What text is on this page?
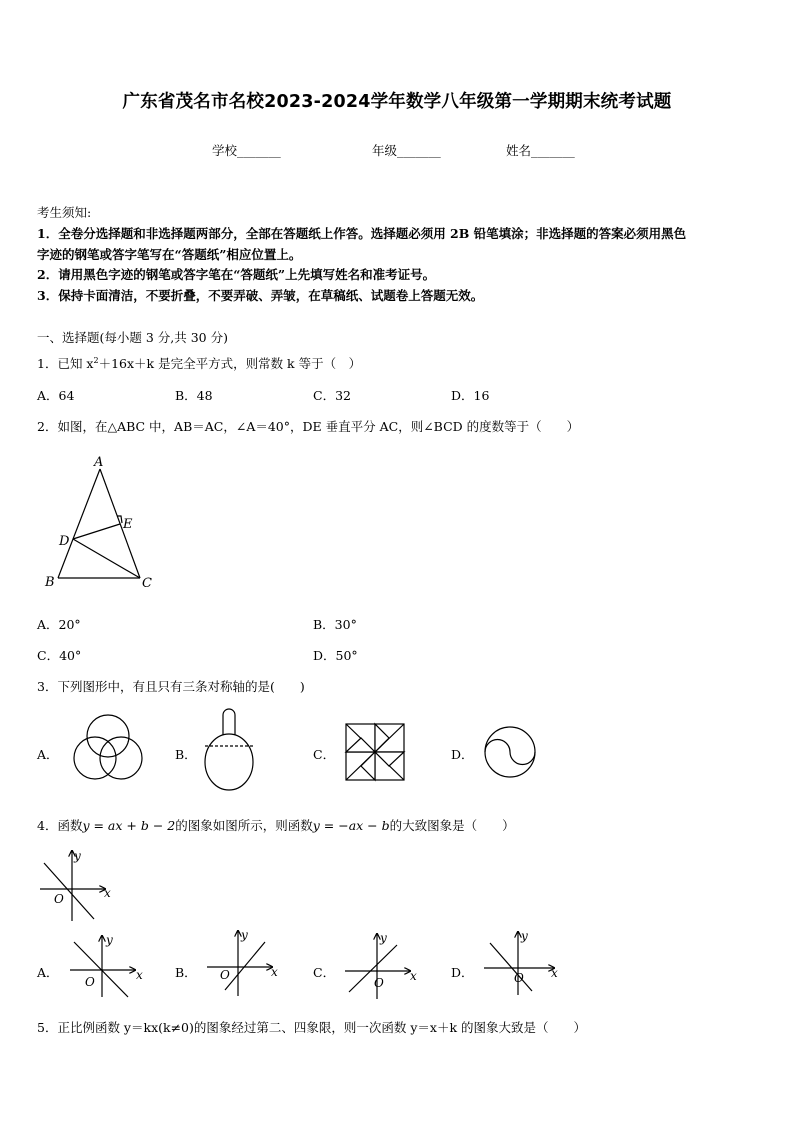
广东省茂名市名校2023-2024学年数学八年级第一学期期末统考试题
学校_______	年级_______	姓名_______
考生须知:
1．全卷分选择题和非选择题两部分，全部在答题纸上作答。选择题必须用 2B 铅笔填涂；非选择题的答案必须用黑色
字迹的钢笔或答字笔写在“答题纸”相应位置上。
2．请用黑色字迹的钢笔或答字笔在“答题纸”上先填写姓名和准考证号。
3．保持卡面清洁，不要折叠，不要弄破、弄皱，在草稿纸、试题卷上答题无效。
一、选择题(每小题 3 分,共 30 分)
1．已知 $x^2+16x+k$ 是完全平方式，则常数 k 等于（　）
A．64	B．48	C．32	D．16
2．如图，在△ABC 中，AB＝AC，∠A＝40°，DE 垂直平分 AC，则∠BCD 的度数等于（　　）
A
D
E
B	C
A．20°	B．30°
C．40°	D．50°
3．下列图形中，有且只有三条对称轴的是(　　)
A．	B．	C．	D．
4．函数y = ax + b − 2的图象如图所示，则函数y = −ax − b的大致图象是（　　）
y
x
O
A．
y
x
O
B．
y
x
O	C．
y
x
O
D．
y
x
O
5．正比例函数 y＝kx(k≠0)的图象经过第二、四象限，则一次函数 y＝x＋k 的图象大致是（　　）
